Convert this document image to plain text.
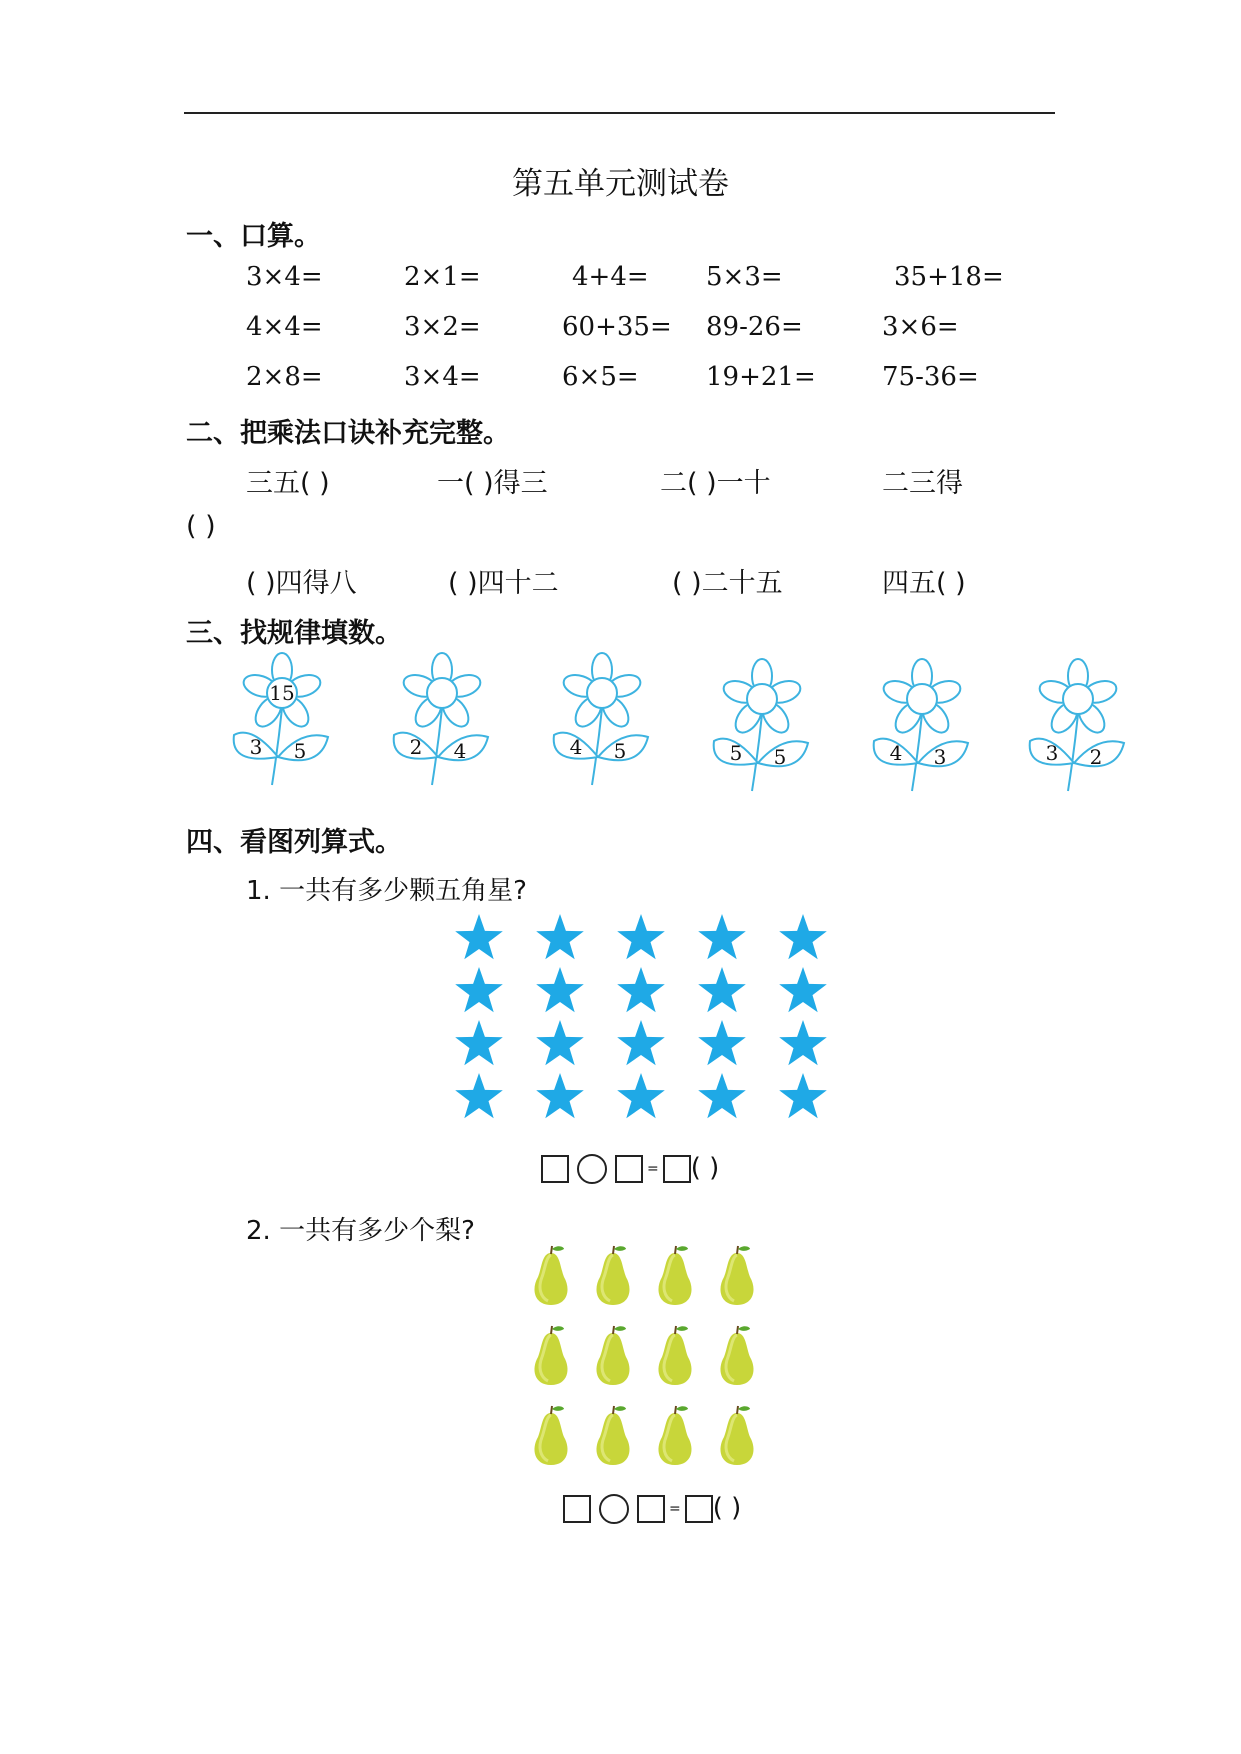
第五单元测试卷
一、口算。
3×4=	2×1=	4+4= 5×3=	35+18=
4×4=	3×2=	60+35= 89-26=	3×6=
2×8=	3×4=	6×5=	19+21=	75-36=
二、把乘法口诀补充完整。
三五( )	一( )得三	二( )一十	二三得
( )
( )四得八	( )四十二	( )二十五	四五( )
三、找规律填数。
15
3 5	2 4	4 5	5 5	4 3	3 2
四、看图列算式。
1. 一共有多少颗五角星?
= ( )
2. 一共有多少个梨?
= ( )
